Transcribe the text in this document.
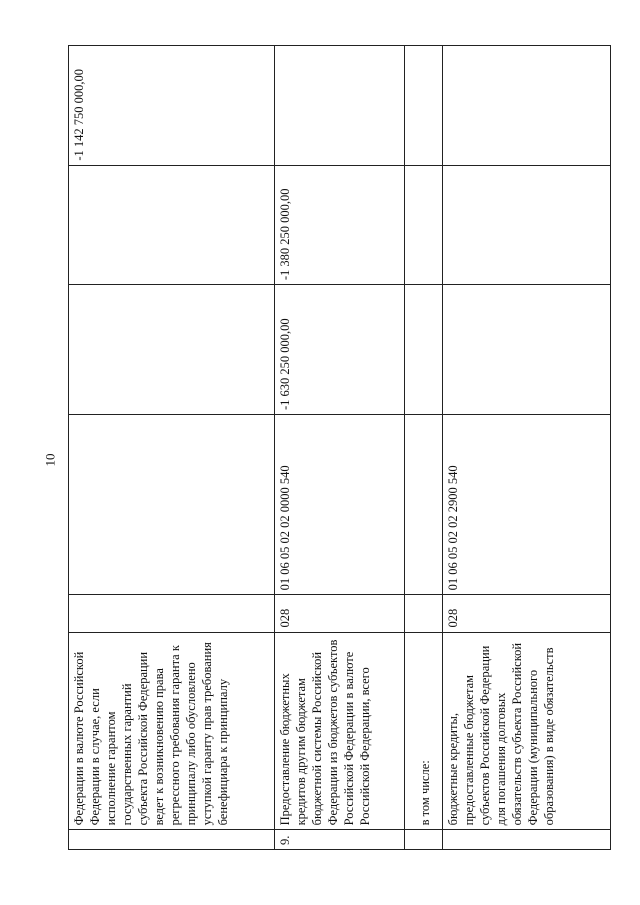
10
	Федерации в валюте Российской Федерации в случае, если исполнение гарантом государственных гарантий субъекта Российской Федерации ведет к возникновению права регрессного требования гаранта к принципалу либо обусловлено уступкой гаранту прав требования бенефициара к принципалу					-1 142 750 000,00
9.	Предоставление бюджетных кредитов другим бюджетам бюджетной системы Российской Федерации из бюджетов субъектов Российской Федерации в валюте Российской Федерации, всего	028	01 06 05 02 02 0000 540	-1 630 250 000,00	-1 380 250 000,00	
	в том числе:					
	бюджетные кредиты, предоставленные бюджетам субъектов Российской Федерации для погашения долговых обязательств субъекта Российской Федерации (муниципального образования) в виде обязательств	028	01 06 05 02 02 2900 540			
